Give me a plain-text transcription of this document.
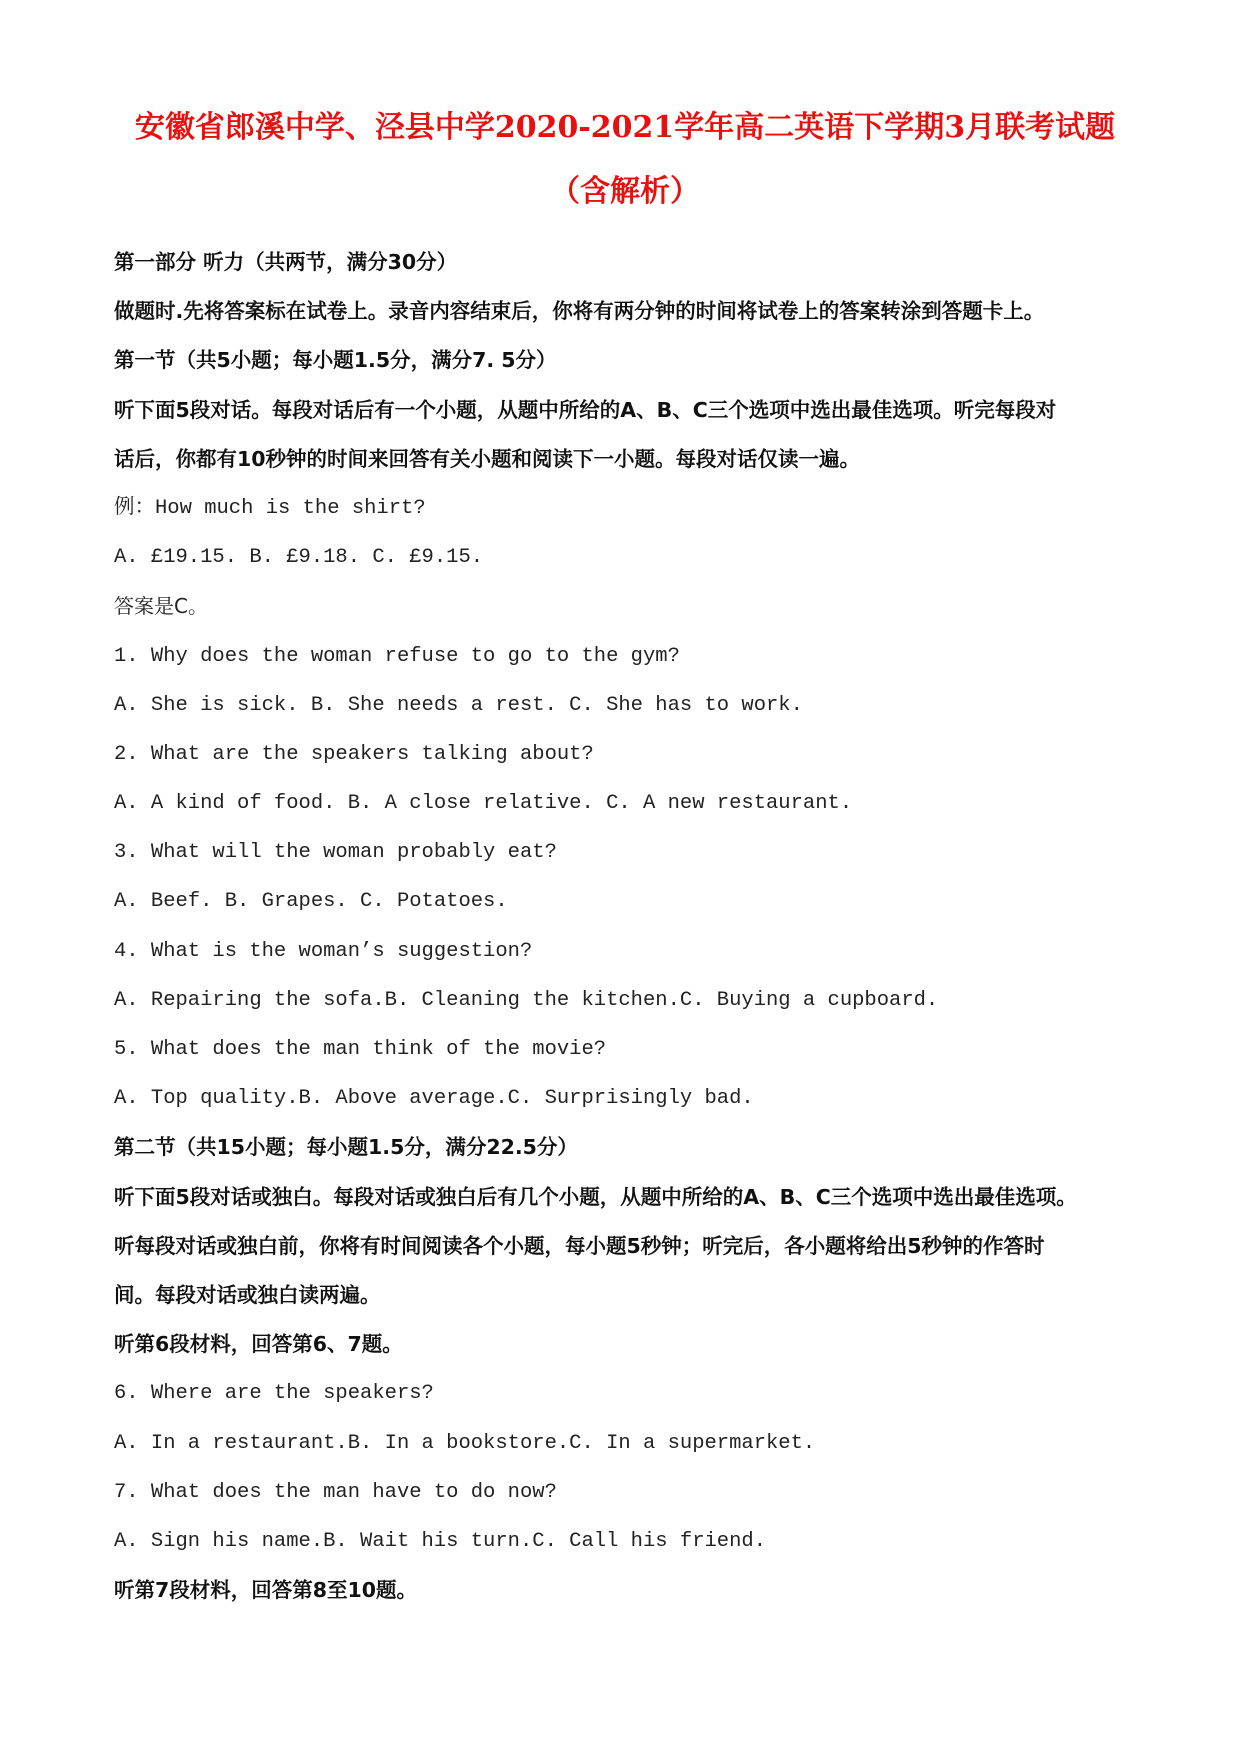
安徽省郎溪中学、泾县中学2020-2021学年高二英语下学期3月联考试题（含解析）
第一部分 听力（共两节，满分30分）
做题时.先将答案标在试卷上。录音内容结束后，你将有两分钟的时间将试卷上的答案转涂到答题卡上。
第一节（共5小题；每小题1.5分，满分7. 5分）
听下面5段对话。每段对话后有一个小题，从题中所给的A、B、C三个选项中选出最佳选项。听完每段对
话后，你都有10秒钟的时间来回答有关小题和阅读下一小题。每段对话仅读一遍。
例：How much is the shirt?
A. £19.15. B. £9.18. C. £9.15.
答案是C。
1. Why does the woman refuse to go to the gym?
A. She is sick. B. She needs a rest. C. She has to work.
2. What are the speakers talking about?
A. A kind of food. B. A close relative. C. A new restaurant.
3. What will the woman probably eat?
A. Beef. B. Grapes. C. Potatoes.
4. What is the woman’s suggestion?
A. Repairing the sofa.B. Cleaning the kitchen.C. Buying a cupboard.
5. What does the man think of the movie?
A. Top quality.B. Above average.C. Surprisingly bad.
第二节（共15小题；每小题1.5分，满分22.5分）
听下面5段对话或独白。每段对话或独白后有几个小题，从题中所给的A、B、C三个选项中选出最佳选项。
听每段对话或独白前，你将有时间阅读各个小题，每小题5秒钟；听完后，各小题将给出5秒钟的作答时
间。每段对话或独白读两遍。
听第6段材料，回答第6、7题。
6. Where are the speakers?
A. In a restaurant.B. In a bookstore.C. In a supermarket.
7. What does the man have to do now?
A. Sign his name.B. Wait his turn.C. Call his friend.
听第7段材料，回答第8至10题。
